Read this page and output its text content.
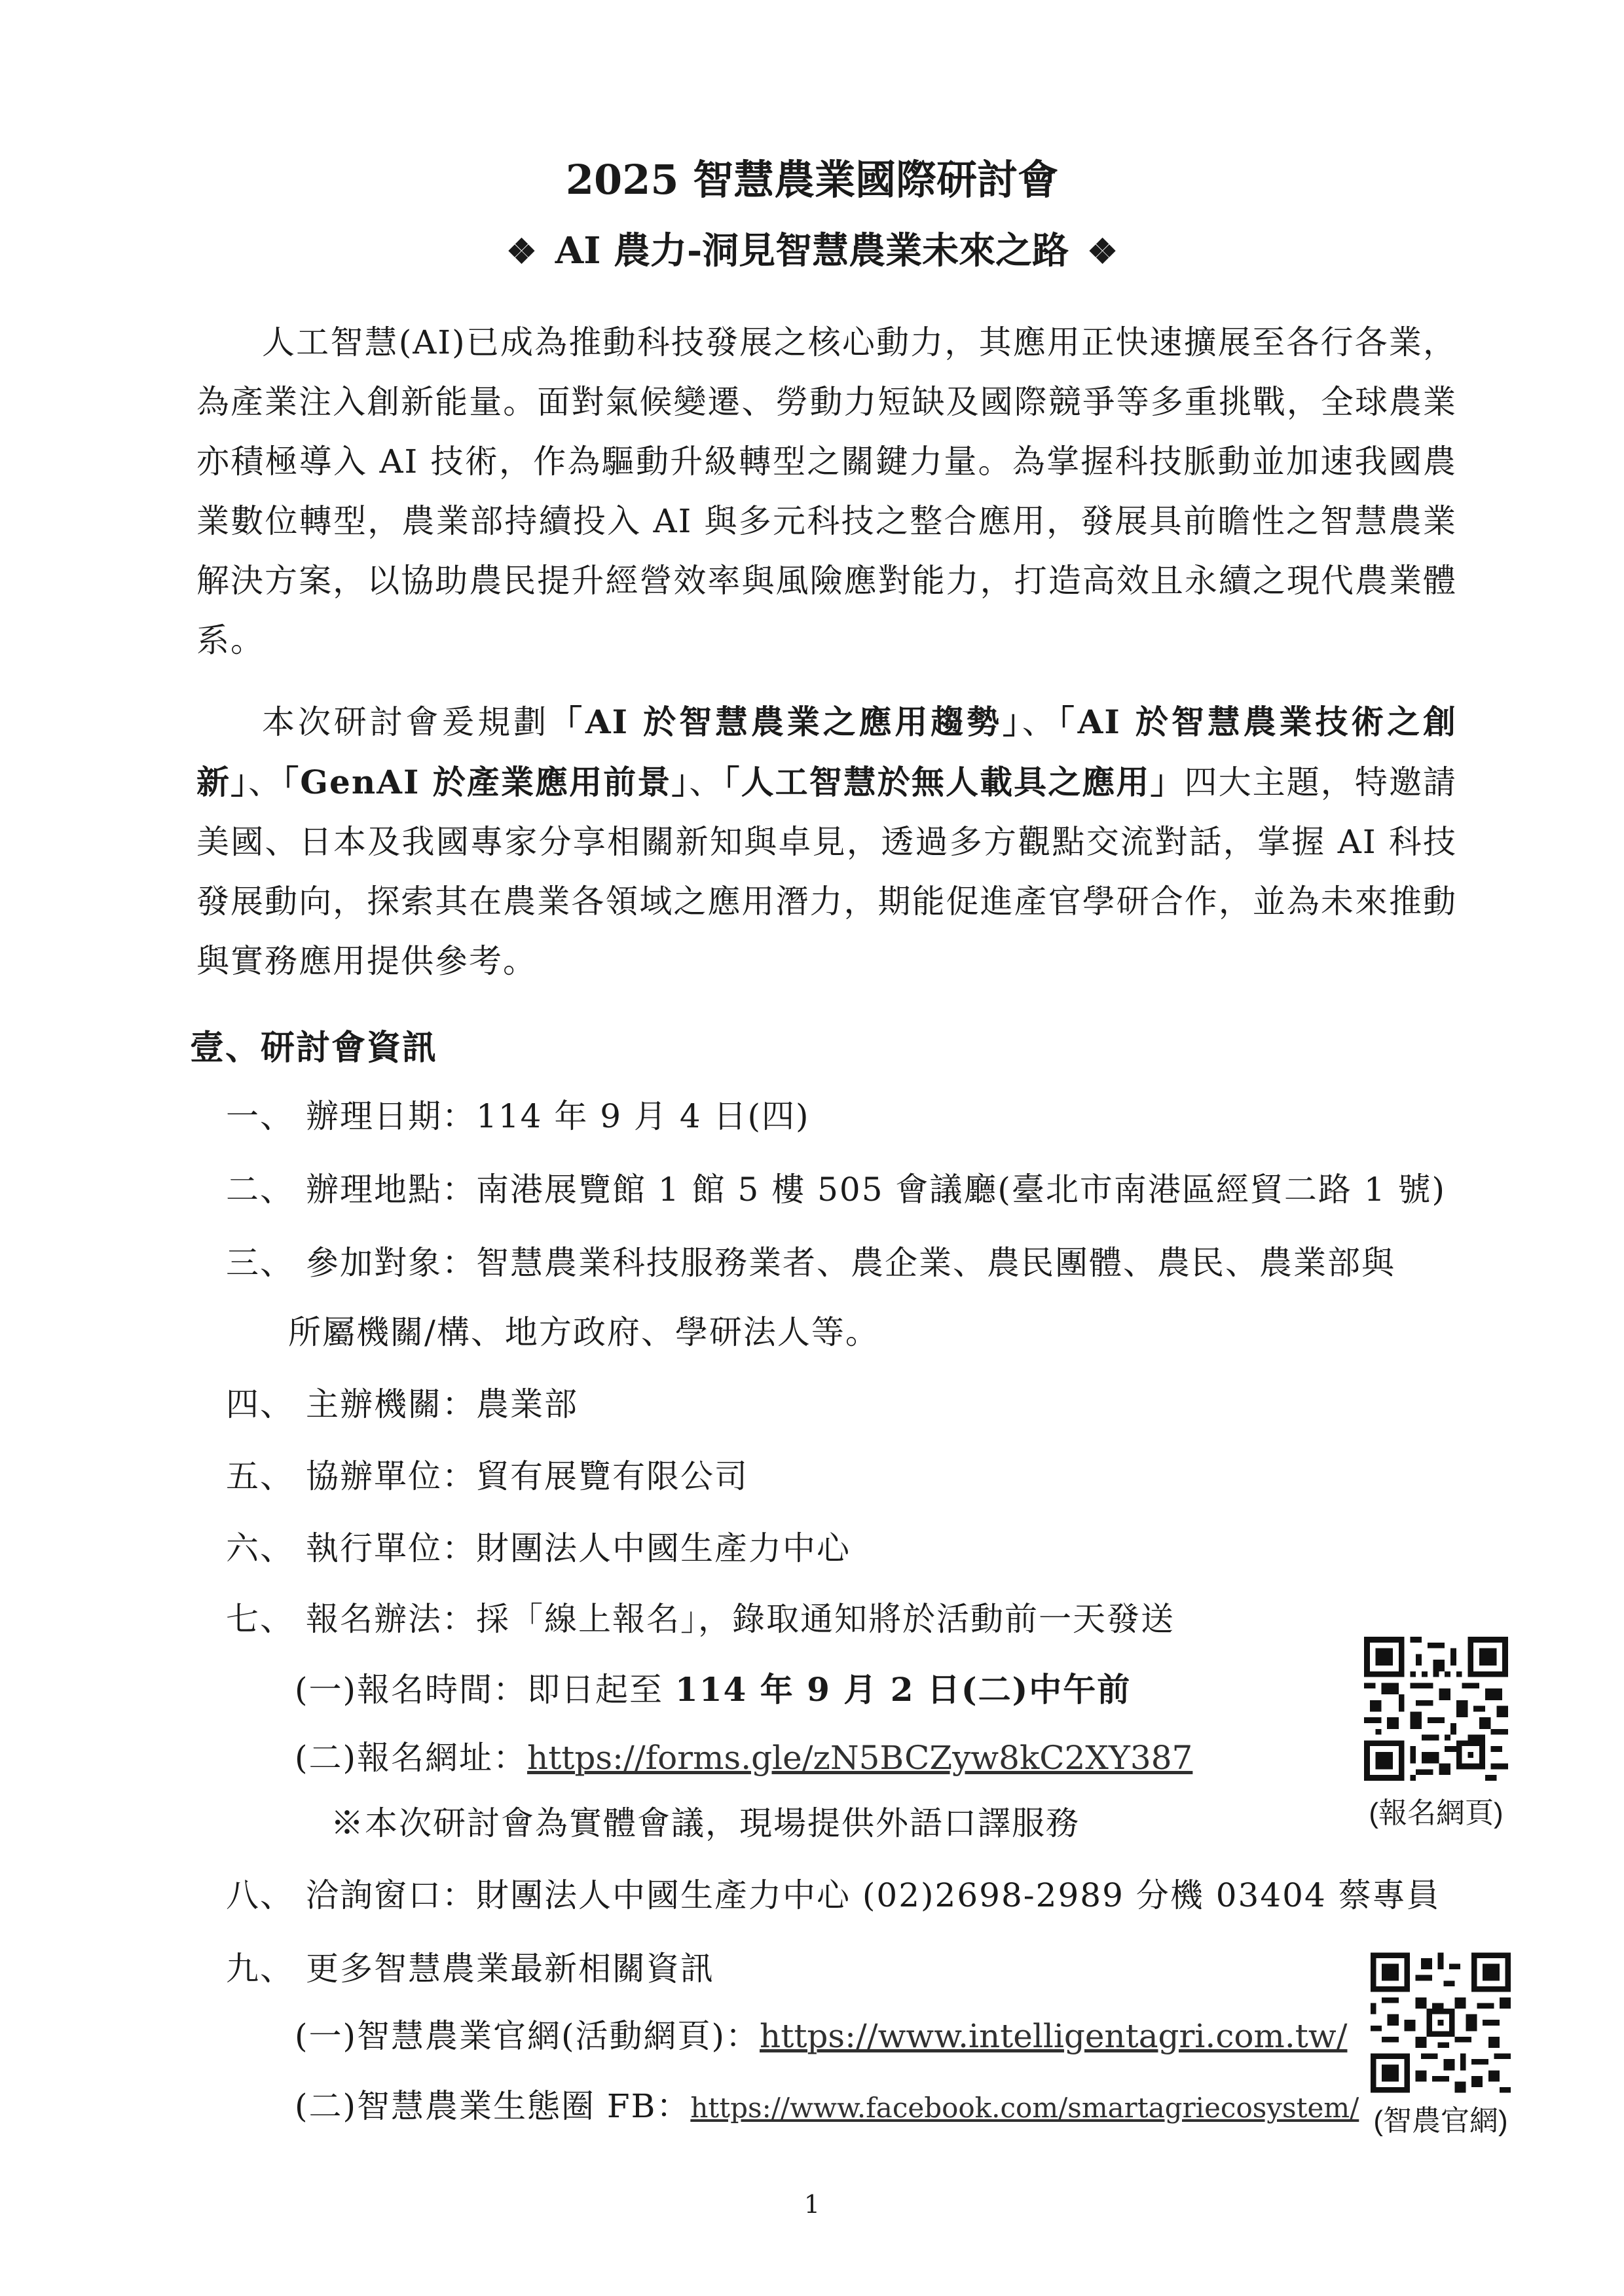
2025 智慧農業國際研討會
❖ AI 農力-洞見智慧農業未來之路 ❖
人工智慧(AI)已成為推動科技發展之核心動力，其應用正快速擴展至各行各業，為產業注入創新能量。面對氣候變遷、勞動力短缺及國際競爭等多重挑戰，全球農業亦積極導入 AI 技術，作為驅動升級轉型之關鍵力量。為掌握科技脈動並加速我國農業數位轉型，農業部持續投入 AI 與多元科技之整合應用，發展具前瞻性之智慧農業解決方案，以協助農民提升經營效率與風險應對能力，打造高效且永續之現代農業體系。
本次研討會爰規劃「AI 於智慧農業之應用趨勢」、「AI 於智慧農業技術之創新」、「GenAI 於產業應用前景」、「人工智慧於無人載具之應用」四大主題，特邀請美國、日本及我國專家分享相關新知與卓見，透過多方觀點交流對話，掌握 AI 科技發展動向，探索其在農業各領域之應用潛力，期能促進產官學研合作，並為未來推動與實務應用提供參考。
壹、研討會資訊
一、 辦理日期：114 年 9 月 4 日(四)
二、 辦理地點：南港展覽館 1 館 5 樓 505 會議廳(臺北市南港區經貿二路 1 號)
三、 參加對象：智慧農業科技服務業者、農企業、農民團體、農民、農業部與
所屬機關/構、地方政府、學研法人等。
四、 主辦機關：農業部
五、 協辦單位：貿有展覽有限公司
六、 執行單位：財團法人中國生產力中心
七、 報名辦法：採「線上報名」，錄取通知將於活動前一天發送
(一)報名時間：即日起至 114 年 9 月 2 日(二)中午前
(二)報名網址：https://forms.gle/zN5BCZyw8kC2XY387
※本次研討會為實體會議，現場提供外語口譯服務
八、 洽詢窗口：財團法人中國生產力中心 (02)2698-2989 分機 03404 蔡專員
九、 更多智慧農業最新相關資訊
(一)智慧農業官網(活動網頁)：https://www.intelligentagri.com.tw/
(二)智慧農業生態圈 FB：https://www.facebook.com/smartagriecosystem/
(報名網頁)
(智農官網)
1
